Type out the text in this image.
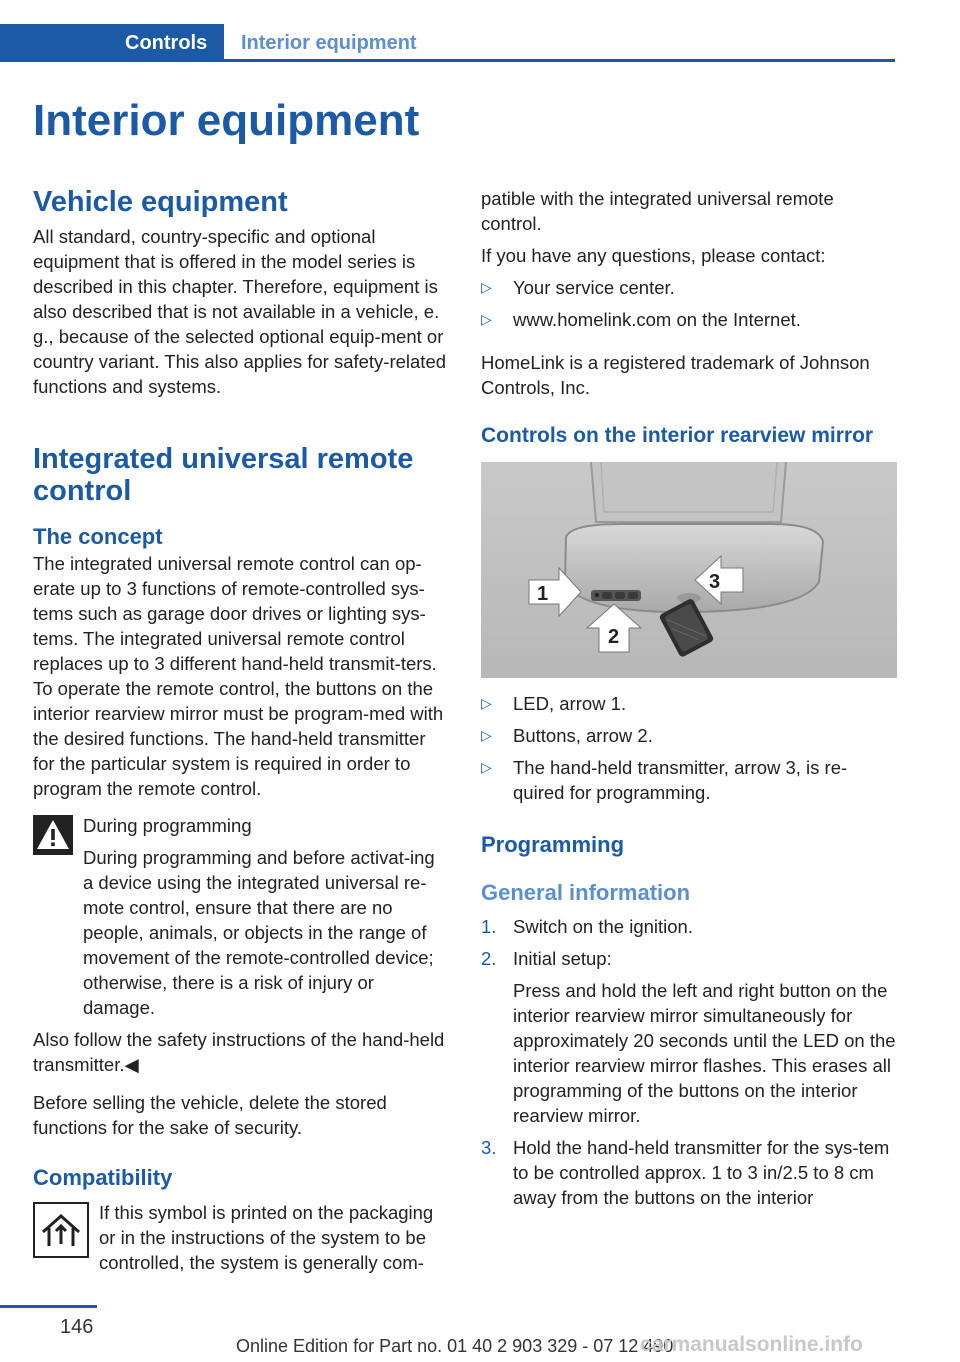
Controls	Interior equipment
Interior equipment
Vehicle equipment

All standard, country-specific and optional equipment that is offered in the model series is described in this chapter. Therefore, equipment is also described that is not available in a vehicle, e. g., because of the selected optional equip-ment or country variant. This also applies for safety-related functions and systems.

Integrated universal remote control
The concept

The integrated universal remote control can op-erate up to 3 functions of remote-controlled sys-tems such as garage door drives or lighting sys-tems. The integrated universal remote control replaces up to 3 different hand-held transmit-ters. To operate the remote control, the buttons on the interior rearview mirror must be program-med with the desired functions. The hand-held transmitter for the particular system is required in order to program the remote control.

During programming

During programming and before activat-ing a device using the integrated universal re-mote control, ensure that there are no people, animals, or objects in the range of movement of the remote-controlled device; otherwise, there is a risk of injury or damage.

Also follow the safety instructions of the hand-held transmitter.◀

Before selling the vehicle, delete the stored functions for the sake of security.

Compatibility

If this symbol is printed on the packaging or in the instructions of the system to be controlled, the system is generally com-

patible with the integrated universal remote control.

If you have any questions, please contact:

▷	Your service center.
▷	www.homelink.com on the Internet.

HomeLink is a registered trademark of Johnson Controls, Inc.

Controls on the interior rearview mirror
1
2
3
▷	LED, arrow 1.
▷	Buttons, arrow 2.
▷	The hand-held transmitter, arrow 3, is re-quired for programming.
Programming
General information
1. Switch on the ignition.

2. Initial setup:

Press and hold the left and right button on the interior rearview mirror simultaneously for approximately 20 seconds until the LED on the interior rearview mirror flashes. This erases all programming of the buttons on the interior rearview mirror.

3. Hold the hand-held transmitter for the sys-tem to be controlled approx. 1 to 3 in/2.5 to 8 cm away from the buttons on the interior

146
Online Edition for Part no. 01 40 2 903 329 - 07 12 490
carmanualsonline.info
